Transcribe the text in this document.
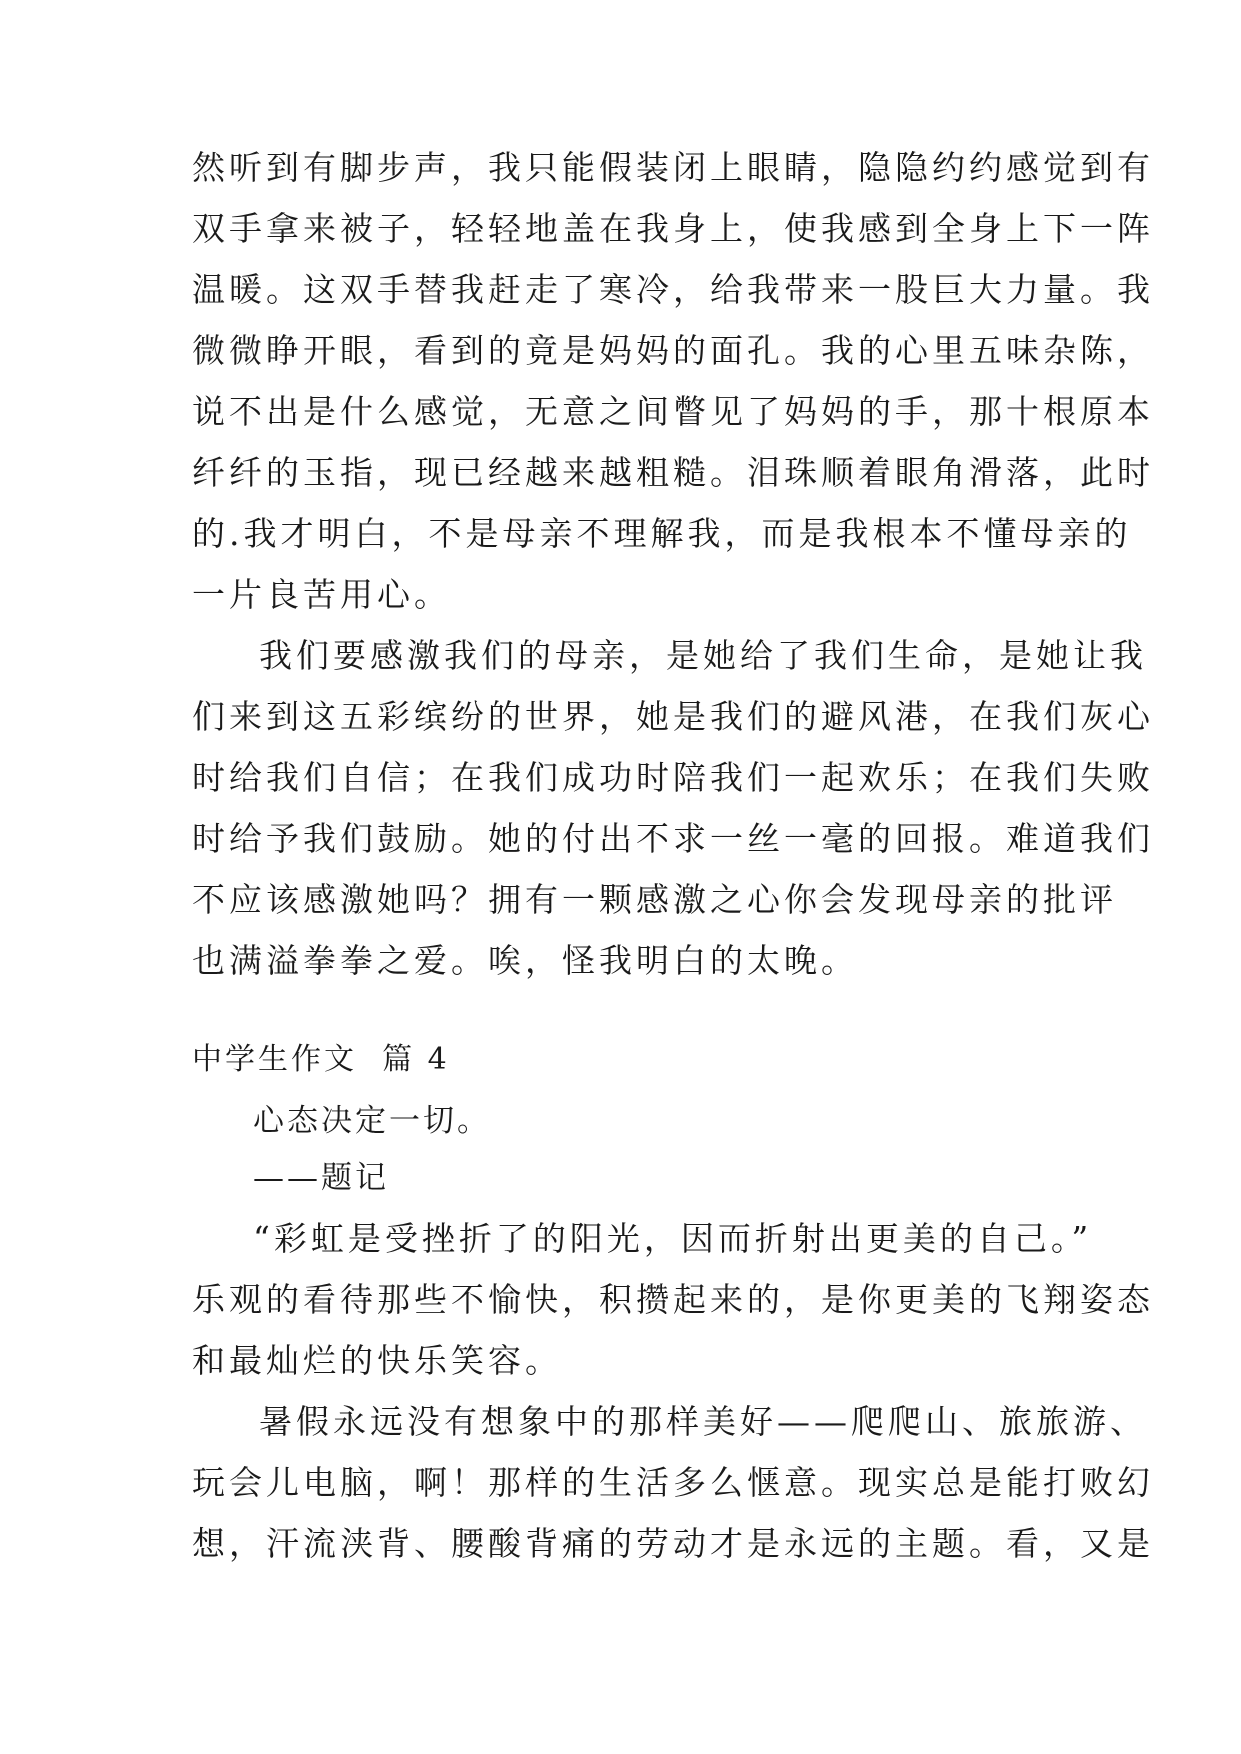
然听到有脚步声，我只能假装闭上眼睛，隐隐约约感觉到有
双手拿来被子，轻轻地盖在我身上，使我感到全身上下一阵
温暖。这双手替我赶走了寒冷，给我带来一股巨大力量。我
微微睁开眼，看到的竟是妈妈的面孔。我的心里五味杂陈，
说不出是什么感觉，无意之间瞥见了妈妈的手，那十根原本
纤纤的玉指，现已经越来越粗糙。泪珠顺着眼角滑落，此时
的.我才明白，不是母亲不理解我，而是我根本不懂母亲的
一片良苦用心。
我们要感激我们的母亲，是她给了我们生命，是她让我
们来到这五彩缤纷的世界，她是我们的避风港，在我们灰心
时给我们自信；在我们成功时陪我们一起欢乐；在我们失败
时给予我们鼓励。她的付出不求一丝一毫的回报。难道我们
不应该感激她吗？拥有一颗感激之心你会发现母亲的批评
也满溢拳拳之爱。唉，怪我明白的太晚。
中学生作文  篇 4
心态决定一切。
——题记
“彩虹是受挫折了的阳光，因而折射出更美的自己。”
乐观的看待那些不愉快，积攒起来的，是你更美的飞翔姿态
和最灿烂的快乐笑容。
暑假永远没有想象中的那样美好——爬爬山、旅旅游、
玩会儿电脑，啊！那样的生活多么惬意。现实总是能打败幻
想，汗流浃背、腰酸背痛的劳动才是永远的主题。看，又是
